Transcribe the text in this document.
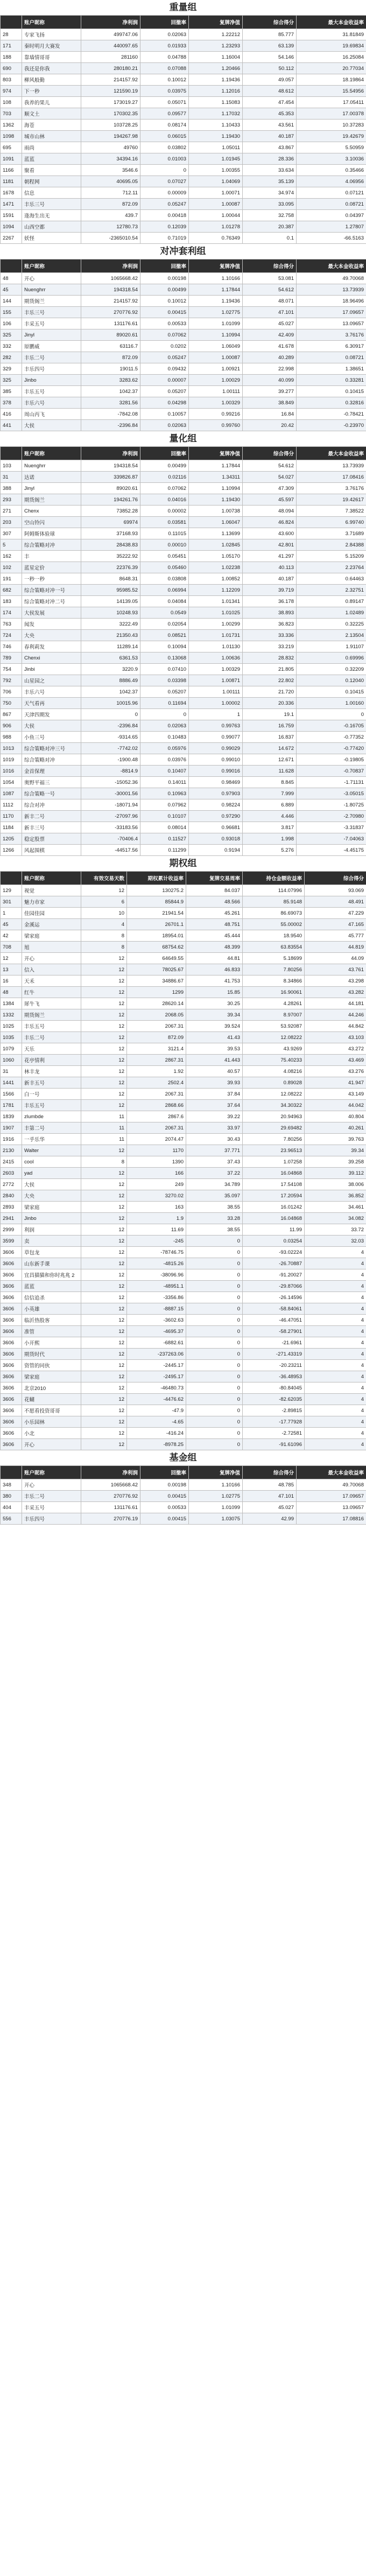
重量组
	账户昵称	净利润	回撤率	复牌净值	综合得分	最大本金收益率
28	专家飞扬	499747.06	0.02063	1.22212	85.777	31.81849
171	秦时明月大赛发	440097.65	0.01933	1.23293	63.139	19.69834
188	靠墙情哥哥	281160	0.04788	1.16004	54.146	16.25084
690	我还是你我	280180.21	0.07088	1.20466	50.112	20.77034
803	柳风般勤	214157.92	0.10012	1.19436	49.057	18.19864
974	下一秒	121590.19	0.03975	1.12016	48.612	15.54956
108	我养的果儿	173019.27	0.05071	1.15083	47.454	17.05411
703	顺文土	170302.35	0.09577	1.17032	45.353	17.00378
1362	海苍	103728.25	0.08174	1.10433	43.561	10.37283
1098	城市山林	194267.98	0.06015	1.19430	40.187	19.42679
695	雨尚	49760	0.03802	1.05011	43.867	5.50959
1091	蓝蓝	34394.16	0.01003	1.01945	28.336	3.10036
1166	聚看	3546.6	0	1.00355	33.634	0.35466
1181	朝程网	40695.05	0.07027	1.04069	35.139	4.06956
1678	信息	712.11	0.00009	1.00071	34.974	0.07121
1471	丰乐三号	872.09	0.05247	1.00087	33.095	0.08721
1591	逢海生出无	439.7	0.00418	1.00044	32.758	0.04397
1094	山西空都	12780.73	0.12039	1.01278	20.387	1.27807
2267	妖怪	-2365010.54	0.71019	0.76349	0.1	-66.5163
对冲套利组
	账户昵称	净利润	回撤率	复牌净值	综合得分	最大本金收益率
48	开心	1065668.42	0.00198	1.10166	53.081	49.70068
45	Nuenghrr	194318.54	0.00499	1.17844	54.612	13.73939
144	期货阁兰	214157.92	0.10012	1.19436	48.071	18.96496
155	丰乐三号	270776.92	0.00415	1.02775	47.101	17.09657
106	丰采五号	131176.61	0.00533	1.01099	45.027	13.09657
325	Jinyl	89020.61	0.07062	1.10994	42.409	3.76176
332	原鹏威	63116.7	0.0202	1.06049	41.678	6.30917
282	丰乐二号	872.09	0.05247	1.00087	40.289	0.08721
329	丰乐四号	19011.5	0.09432	1.00921	22.998	1.38651
325	Jinbo	3283.62	0.00007	1.00029	40.099	0.33281
385	丰乐五号	1042.37	0.05207	1.00111	39.277	0.10415
378	丰乐六号	3281.56	0.04298	1.00329	38.849	0.32816
416	周山丙飞	-7842.08	0.10057	0.99216	16.84	-0.78421
441	大侯	-2396.84	0.02063	0.99760	20.42	-0.23970
量化组
	账户昵称	净利润	回撤率	复牌净值	综合得分	最大本金收益率
103	Nuenghrr	194318.54	0.00499	1.17844	54.612	13.73939
31	达诺	339826.87	0.02116	1.34311	54.027	17.08416
388	Jinyl	89020.61	0.07062	1.10994	47.309	3.76176
293	期货阁兰	194261.76	0.04016	1.19430	45.597	19.42617
271	Chenx	73852.28	0.00002	1.00738	48.094	7.38522
203	空山铃闪	69974	0.03581	1.06047	46.824	6.99740
307	阿姆斯体验球	37168.93	0.11015	1.13699	43.600	3.71689
5	综合策略对冲	28438.83	0.00010	1.02845	42.801	2.84388
162	丰	35222.92	0.05451	1.05170	41.297	5.15209
102	蓝星定价	22376.39	0.05460	1.02238	40.113	2.23764
191	一秒一秒	8648.31	0.03808	1.00852	40.187	0.64463
682	综合策略对冲一号	95985.52	0.06994	1.12209	39.719	2.32751
183	综合策略对冲二号	14139.05	0.04084	1.01341	36.178	0.89147
174	大侯发展	10248.93	0.0549	1.01025	38.893	1.02489
763	闻发	3222.49	0.02054	1.00299	36.823	0.32225
724	大央	21350.43	0.08521	1.01731	33.336	2.13504
746	春利莉发	11289.14	0.10094	1.01130	33.219	1.91107
789	Chenxi	6361.53	0.13068	1.00636	28.832	0.69996
754	Jinbi	3220.9	0.07410	1.00329	21.805	0.32209
792	山星园之	8886.49	0.03398	1.00871	22.802	0.12040
706	丰乐六号	1042.37	0.05207	1.00111	21.720	0.10415
750	天气看再	10015.96	0.11694	1.00002	20.336	1.00160
867	天津四期发	0	0	1	19.1	0
906	大侯	-2396.84	0.02063	0.99763	16.759	-0.16705
988	小鱼三号	-9314.65	0.10483	0.99077	16.837	-0.77352
1013	综合策略对冲三号	-7742.02	0.05976	0.99029	14.672	-0.77420
1019	综合策略对冲	-1900.48	0.03976	0.99010	12.671	-0.19805
1016	金首保理	-8814.9	0.10407	0.99016	11.628	-0.70837
1054	奥野平福三	-15052.36	0.14011	0.98469	8.845	-1.71131
1087	综合策略一号	-30001.56	0.10963	0.97903	7.999	-3.05015
1112	综合对冲	-18071.94	0.07962	0.98224	6.889	-1.80725
1170	新丰二号	-27097.96	0.10107	0.97290	4.446	-2.70980
1184	新丰三号	-33183.56	0.08014	0.96681	3.817	-3.31837
1205	稳定股票	-70406.4	0.11527	0.93018	1.998	-7.04063
1266	风起围棋	-44517.56	0.11299	0.9194	5.276	-4.45175
期权组
	账户昵称	有效交易天数	期权累计收益率	复牌交易周率	持仓金额收益率	综合得分
129	视觉	12	130275.2	84.037	114.07996	93.069
301	魅力市家	6	85844.9	48.566	85.9148	48.491
1	佳园佳园	10	21941.54	45.261	86.69073	47.229
45	金溪运	4	26701.1	48.751	55.00002	47.165
42	梁家庭	8	18954.01	45.444	18.9540	45.777
708	旭	8	68754.62	48.399	63.83554	44.819
12	开心	12	64649.55	44.81	5.18699	44.09
13	信入	12	78025.67	46.833	7.80256	43.761
16	天禾	12	34886.67	41.753	8.34866	43.298
48	红牛	12	1299	15.85	16.90061	43.282
1384	犀牛飞	12	28620.14	30.25	4.28261	44.181
1332	期货阁兰	12	2068.05	39.34	8.97007	44.246
1025	丰乐五号	12	2067.31	39.524	53.92087	44.842
1035	丰乐二号	12	872.09	41.43	12.08222	43.103
1079	天乐	12	3121.4	39.53	43.9269	43.272
1060	花亭情利	12	2867.31	41.443	75.40233	43.469
31	林丰龙	12	1.92	40.57	4.08216	43.276
1441	新丰五号	12	2502.4	39.93	0.89028	41.947
1566	白一号	12	2067.31	37.84	12.08222	43.149
1781	丰乐五号	12	2868.66	37.64	34.30322	44.042
1839	zlumbde	11	2867.6	39.22	20.94963	40.804
1907	丰第二号	11	2067.31	33.97	29.69482	40.261
1916	一乎乐华	11	2074.47	30.43	7.80256	39.763
2130	Walter	12	1170	37.771	23.96513	39.34
2415	cool	8	1390	37.43	1.07258	39.258
2603	yad	12	166	37.22	16.04868	39.112
2772	大侯	12	249	34.789	17.54108	38.006
2840	大央	12	3270.02	35.097	17.20594	36.852
2893	梁家庭	12	163	38.55	16.01242	34.461
2941	Jinbo	12	1.9	33.28	16.04868	34.082
2999	利润	12	11.69	38.55	11.99	33.72
3599	卖	12	-245	0	0.03254	32.03
3606	草包龙	12	-78746.75	0	-93.02224	4
3606	山东新手课	12	-4815.26	0	-26.70887	4
3606	宜昌猫猫和你时兆兆 2	12	-38096.96	0	-91.20027	4
3606	蓝蓝	12	-48951.1	0	-29.87066	4
3606	信信追杀	12	-3356.86	0	-26.14596	4
3606	小英雄	12	-8887.15	0	-58.84061	4
3606	临沂热股客	12	-3602.63	0	-46.47051	4
3606	准管	12	-4695.37	0	-58.27901	4
3606	小开熙	12	-6882.61	0	-21.6961	4
3606	期货时代	12	-237263.06	0	-271.43319	4
3606	资管的同伙	12	-2445.17	0	-20.23211	4
3606	梁家庭	12	-2495.17	0	-36.48953	4
3606	北京2010	12	-46480.73	0	-80.84045	4
3606	花蝴	12	-4476.62	0	-82.62035	4
3606	不愿看投资哥哥	12	-47.9	0	-2.89815	4
3606	小乐园林	12	-4.65	0	-17.77928	4
3606	小北	12	-416.24	0	-2.72581	4
3606	开心	12	-8978.25	0	-91.61096	4
基金组
	账户昵称	净利润	回撤率	复牌净值	综合得分	最大本金收益率
348	开心	1065668.42	0.00198	1.10166	48.785	49.70068
380	丰乐二号	270776.92	0.00415	1.02775	47.101	17.09657
404	丰采五号	131176.61	0.00533	1.01099	45.027	13.09657
556	丰乐四号	270776.19	0.00415	1.03075	42.99	17.08816
